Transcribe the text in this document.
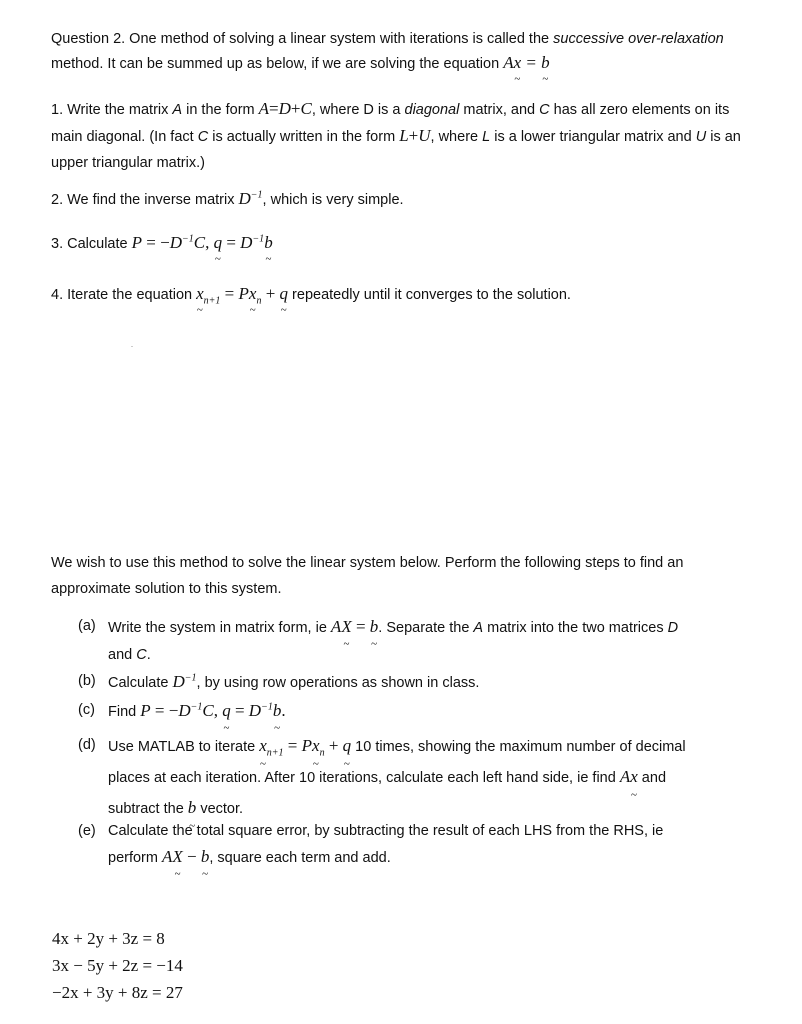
Question 2. One method of solving a linear system with iterations is called the successive over-relaxation method. It can be summed up as below, if we are solving the equation Ax ~ = b ~
1. Write the matrix A in the form A=D+C, where D is a diagonal matrix, and C has all zero elements on its main diagonal. (In fact C is actually written in the form L+U, where L is a lower triangular matrix and U is an upper triangular matrix.)
2. We find the inverse matrix $D^{-1}$, which is very simple.
3. Calculate $P = -D^{-1}C$, q ~ = $D^{-1}b$ ~
4. Iterate the equation x $\sim_{n+1} = Px$ $\sim_n + q$ ~ repeatedly until it converges to the solution.
We wish to use this method to solve the linear system below. Perform the following steps to find an approximate solution to this system.
(a) Write the system in matrix form, ie AX ~ = b ~. Separate the A matrix into the two matrices D
and C.
(b) Calculate $D^{-1}$, by using row operations as shown in class.
(c) Find $P = -D^{-1}C$, q ~ = $D^{-1}b$ ~.
(d) Use MATLAB to iterate x $\sim_{n+1} = Px$ $\sim_n + q$ ~ 10 times, showing the maximum number of decimal
places at each iteration. After 10 iterations, calculate each left hand side, ie find Ax ~ and
subtract the b ~ vector.
(e) Calculate the total square error, by subtracting the result of each LHS from the RHS, ie
perform AX ~ − b ~, square each term and add.
4x + 2y + 3z = 8
3x − 5y + 2z = −14
−2x + 3y + 8z = 27
